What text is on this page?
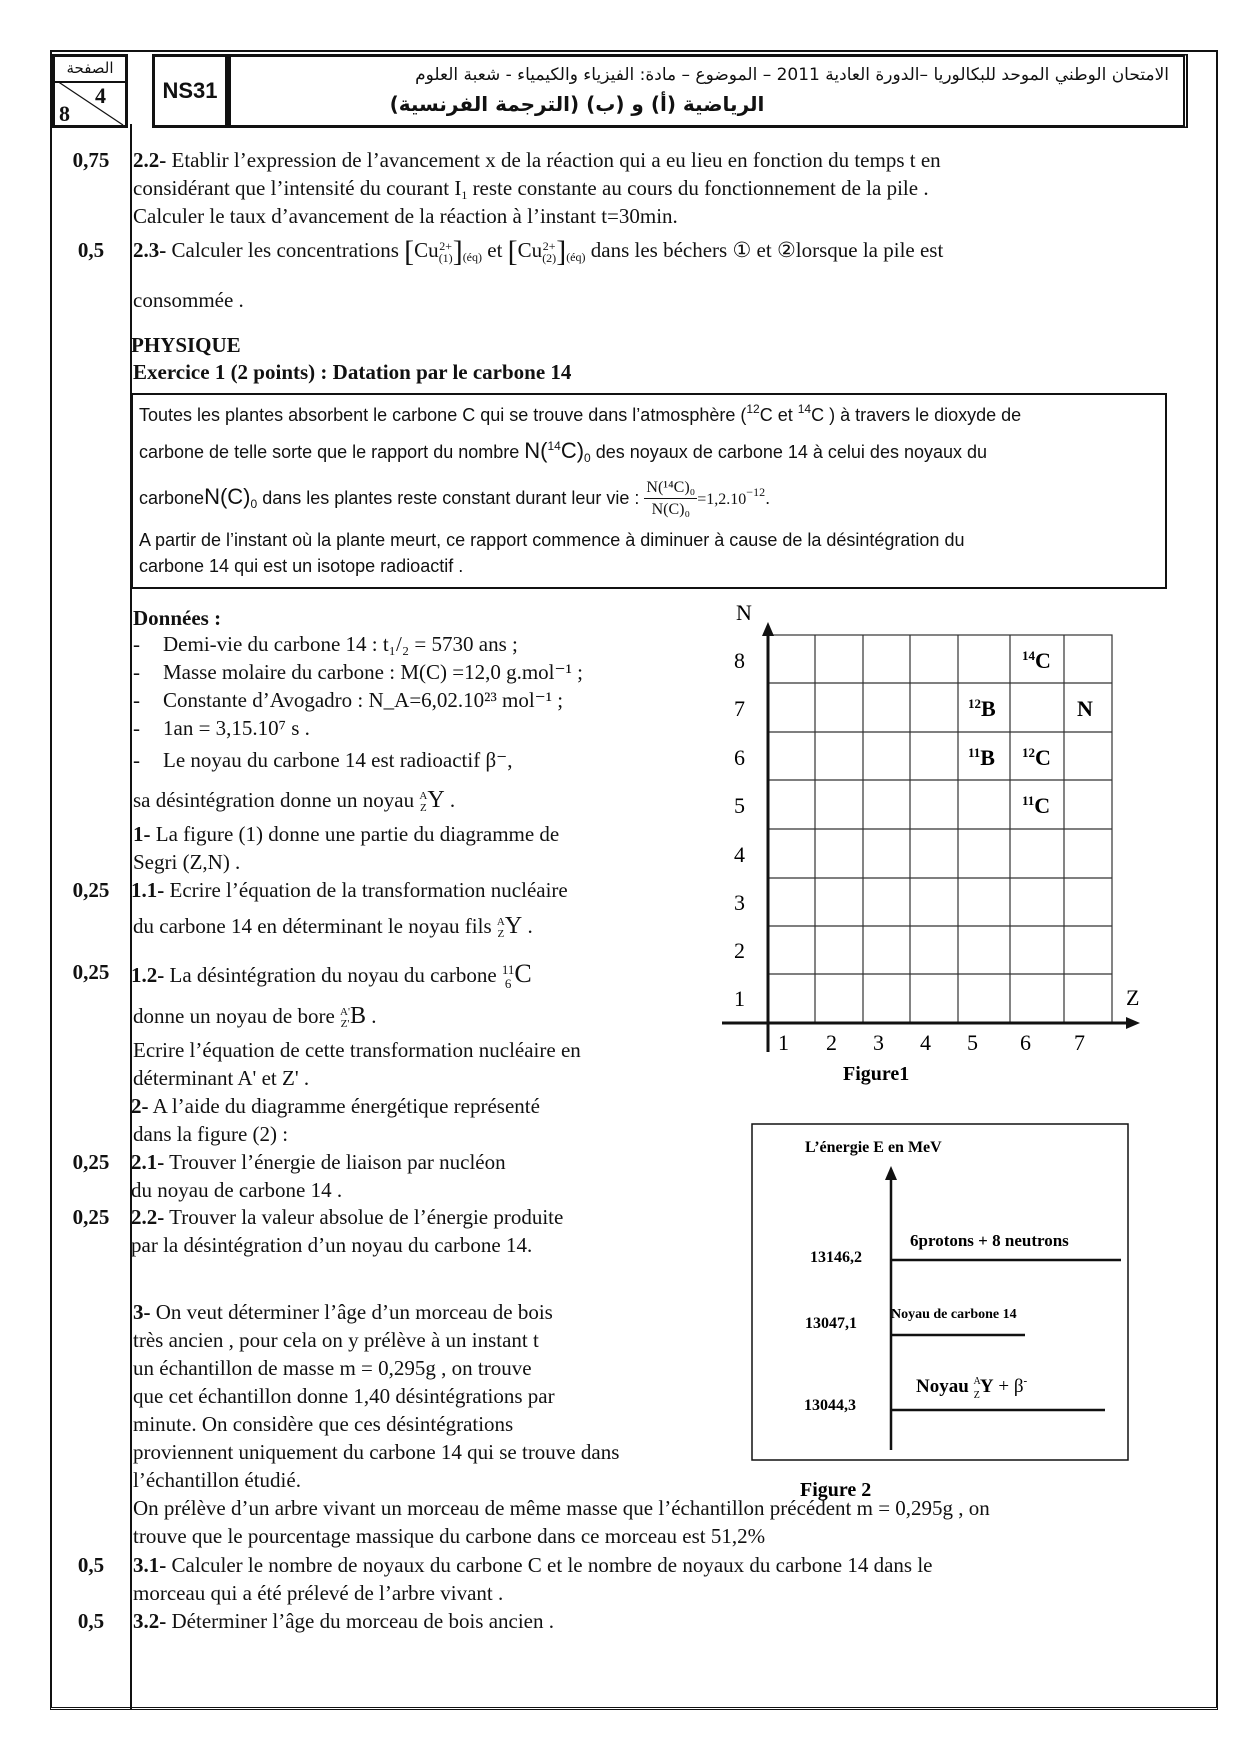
الصفحة
4
8
NS31
الامتحان الوطني الموحد للبكالوريا –الدورة العادية 2011 – الموضوع – مادة: الفيزياء والكيمياء - شعبة العلوم
الرياضية (أ) و (ب) (الترجمة الفرنسية)
0,75	2.2- Etablir l’expression de l’avancement x de la réaction qui a eu lieu en fonction du temps t en
considérant que l’intensité du courant $I_1$ reste constante au cours du fonctionnement de la pile .
Calculer le taux d’avancement de la réaction à l’instant t=30min.
0,5	2.3- Calculer les concentrations [Cu 2+
(1) ]$_{(éq)}$ et [Cu 2+
(2) ]$_{(éq)}$ dans les béchers ① et ②lorsque la pile est
consommée .
PHYSIQUE
Exercice 1 (2 points) : Datation par le carbone 14
Toutes les plantes absorbent le carbone C qui se trouve dans l’atmosphère ($^{12}$C et $^{14}$C ) à travers le dioxyde de
carbone de telle sorte que le rapport du nombre $N(^{14}C)_0$ des noyaux de carbone 14 à celui des noyaux du
$carboneN(C)_0$ dans les plantes reste constant durant leur vie : $\frac{\text{N(¹⁴C)₀}}{\text{N(C)₀}} =1,2.10^{-12}$.
A partir de l’instant où la plante meurt, ce rapport commence à diminuer à cause de la désintégration du
carbone 14 qui est un isotope radioactif .
Données :
- Demi-vie du carbone 14 : t₁/₂ = 5730 ans ;
- Masse molaire du carbone : M(C) =12,0 g.mol⁻¹ ;
- Constante d’Avogadro : N_A=6,02.10²³ mol⁻¹ ;
- 1an = 3,15.10⁷ s .
- Le noyau du carbone 14 est radioactif β⁻,
sa désintégration donne un noyau A
Z Y .
1- La figure (1) donne une partie du diagramme de
Segri (Z,N) .
0,25	1.1- Ecrire l’équation de la transformation nucléaire
du carbone 14 en déterminant le noyau fils A
Z Y .
0,25	1.2- La désintégration du noyau du carbone 11
6 C
donne un noyau de bore A'
Z' B .
Ecrire l’équation de cette transformation nucléaire en
déterminant A' et Z' .
2- A l’aide du diagramme énergétique représenté
dans la figure (2) :
0,25	2.1- Trouver l’énergie de liaison par nucléon
du noyau de carbone 14 .
0,25	2.2- Trouver la valeur absolue de l’énergie produite
par la désintégration d’un noyau du carbone 14.
3- On veut déterminer l’âge d’un morceau de bois
très ancien , pour cela on y prélève à un instant t
un échantillon de masse m = 0,295g , on trouve
que cet échantillon donne 1,40 désintégrations par
minute. On considère que ces désintégrations
proviennent uniquement du carbone 14 qui se trouve dans
l’échantillon étudié.
On prélève d’un arbre vivant un morceau de même masse que l’échantillon précédent m = 0,295g , on
trouve que le pourcentage massique du carbone dans ce morceau est 51,2%
0,5	3.1- Calculer le nombre de noyaux du carbone C et le nombre de noyaux du carbone 14 dans le
morceau qui a été prélevé de l’arbre vivant .
0,5	3.2- Déterminer l’âge du morceau de bois ancien .
N
Z
8
7
6
5
4
3
2
1
1 2 3 4 5 6 7
$^{14}$C
$^{12}$B	N
$^{11}$B $^{12}$C
$^{11}$C
Figure1
L’énergie E en MeV
13146,2
13047,1
13044,3
6protons + 8 neutrons
Noyau de carbone 14
Noyau $^A$ ZY + β-
Figure 2
